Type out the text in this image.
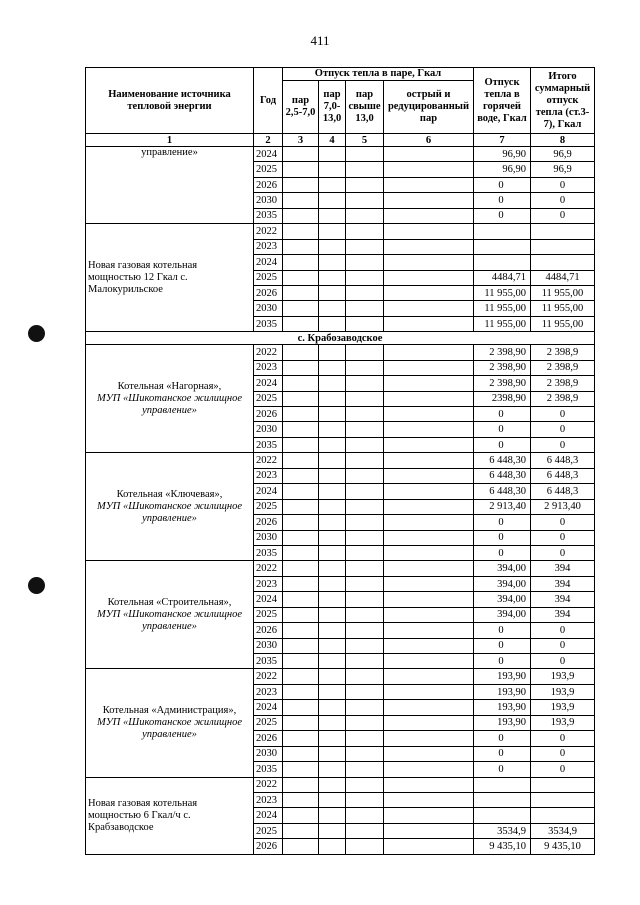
411
Наименование источника тепловой энергии	Год	Отпуск тепла в паре, Гкал				Отпуск тепла в горячей воде, Гкал	Итого суммарный отпуск тепла (ст.3-7), Гкал
		пар 2,5-7,0	пар 7,0-13,0	пар свыше 13,0	острый и редуцированный пар		
1	2	3	4	5	6	7	8

управление»	2024					96,90	96,9
	2025					96,90	96,9
	2026					0	0
	2030					0	0
	2035					0	0

Новая газовая котельная мощностью 12 Гкал с. Малокурильское	2022						
	2023						
	2024						
	2025					4484,71	4484,71
	2026					11 955,00	11 955,00
	2030					11 955,00	11 955,00
	2035					11 955,00	11 955,00
с. Крабозаводское							

Котельная «Нагорная»,
МУП «Шикотанское жилищное управление»	2022					2 398,90	2 398,9
	2023					2 398,90	2 398,9
	2024					2 398,90	2 398,9
	2025					2398,90	2 398,9
	2026					0	0
	2030					0	0
	2035					0	0

Котельная «Ключевая»,
МУП «Шикотанское жилищное управление»	2022					6 448,30	6 448,3
	2023					6 448,30	6 448,3
	2024					6 448,30	6 448,3
	2025					2 913,40	2 913,40
	2026					0	0
	2030					0	0
	2035					0	0

Котельная «Строительная»,
МУП «Шикотанское жилищное управление»	2022					394,00	394
	2023					394,00	394
	2024					394,00	394
	2025					394,00	394
	2026					0	0
	2030					0	0
	2035					0	0

Котельная «Администрация»,
МУП «Шикотанское жилищное управление»	2022					193,90	193,9
	2023					193,90	193,9
	2024					193,90	193,9
	2025					193,90	193,9
	2026					0	0
	2030					0	0
	2035					0	0

Новая газовая котельная мощностью 6 Гкал/ч с. Крабзаводское	2022						
	2023						
	2024						
	2025					3534,9	3534,9
	2026					9 435,10	9 435,10
